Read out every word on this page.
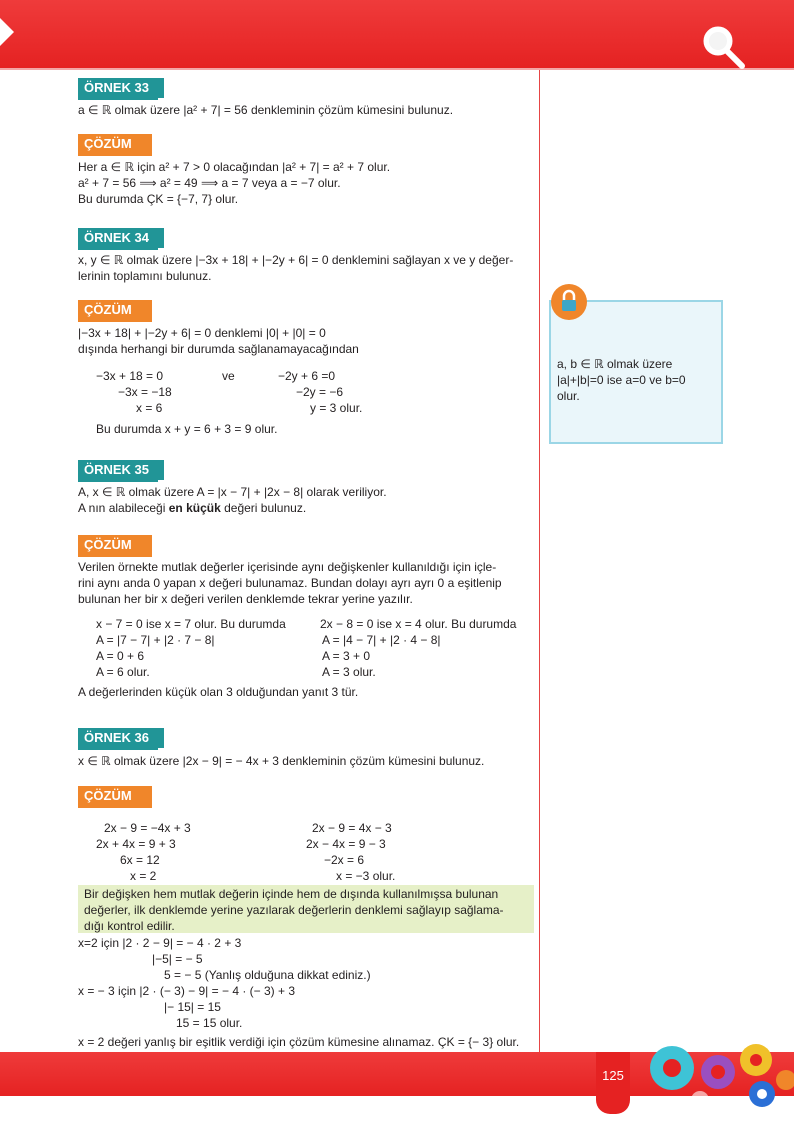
ÖRNEK 33
a ∈ ℝ olmak üzere |a² + 7| = 56 denkleminin çözüm kümesini bulunuz.
ÇÖZÜM
Her a ∈ ℝ için a² + 7 > 0 olacağından |a² + 7| = a² + 7 olur.
a² + 7 = 56 ⟹ a² = 49 ⟹ a = 7 veya a = −7 olur.
Bu durumda ÇK = {−7, 7} olur.
ÖRNEK 34
x, y ∈ ℝ olmak üzere |−3x + 18| + |−2y + 6| = 0 denklemini sağlayan x ve y değer-
lerinin toplamını bulunuz.
ÇÖZÜM
|−3x + 18| + |−2y + 6| = 0 denklemi |0| + |0| = 0
dışında herhangi bir durumda sağlanamayacağından
−3x + 18 = 0
−3x = −18
x = 6
ve	−2y + 6 =0
−2y = −6
y = 3 olur.
Bu durumda x + y = 6 + 3 = 9 olur.
ÖRNEK 35
A, x ∈ ℝ olmak üzere A = |x − 7| + |2x − 8| olarak veriliyor.
A nın alabileceği en küçük değeri bulunuz.
ÇÖZÜM
Verilen örnekte mutlak değerler içerisinde aynı değişkenler kullanıldığı için içle-
rini aynı anda 0 yapan x değeri bulunamaz. Bundan dolayı ayrı ayrı 0 a eşitlenip
bulunan her bir x değeri verilen denklemde tekrar yerine yazılır.
x − 7 = 0 ise x = 7 olur. Bu durumda
A = |7 − 7| + |2 · 7 − 8|
A = 0 + 6
A = 6 olur.
2x − 8 = 0 ise x = 4 olur. Bu durumda
A = |4 − 7| + |2 · 4 − 8|
A = 3 + 0
A = 3 olur.
A değerlerinden küçük olan 3 olduğundan yanıt 3 tür.
ÖRNEK 36
x ∈ ℝ olmak üzere |2x − 9| = − 4x + 3 denkleminin çözüm kümesini bulunuz.
ÇÖZÜM
2x − 9 = −4x + 3
2x + 4x = 9 + 3
6x = 12
x = 2
2x − 9 = 4x − 3
2x − 4x = 9 − 3
−2x = 6
x = −3 olur.
Bir değişken hem mutlak değerin içinde hem de dışında kullanılmışsa bulunan
değerler, ilk denklemde yerine yazılarak değerlerin denklemi sağlayıp sağlama-
dığı kontrol edilir.
x=2 için |2 · 2 − 9| = − 4 · 2 + 3
|−5| = − 5
5 = − 5 (Yanlış olduğuna dikkat ediniz.)
x = − 3 için |2 · (− 3) − 9| = − 4 · (− 3) + 3
|− 15| = 15
15 = 15 olur.
x = 2 değeri yanlış bir eşitlik verdiği için çözüm kümesine alınamaz. ÇK = {− 3} olur.
a, b ∈ ℝ olmak üzere
|a|+|b|=0 ise a=0 ve b=0
olur.
125
